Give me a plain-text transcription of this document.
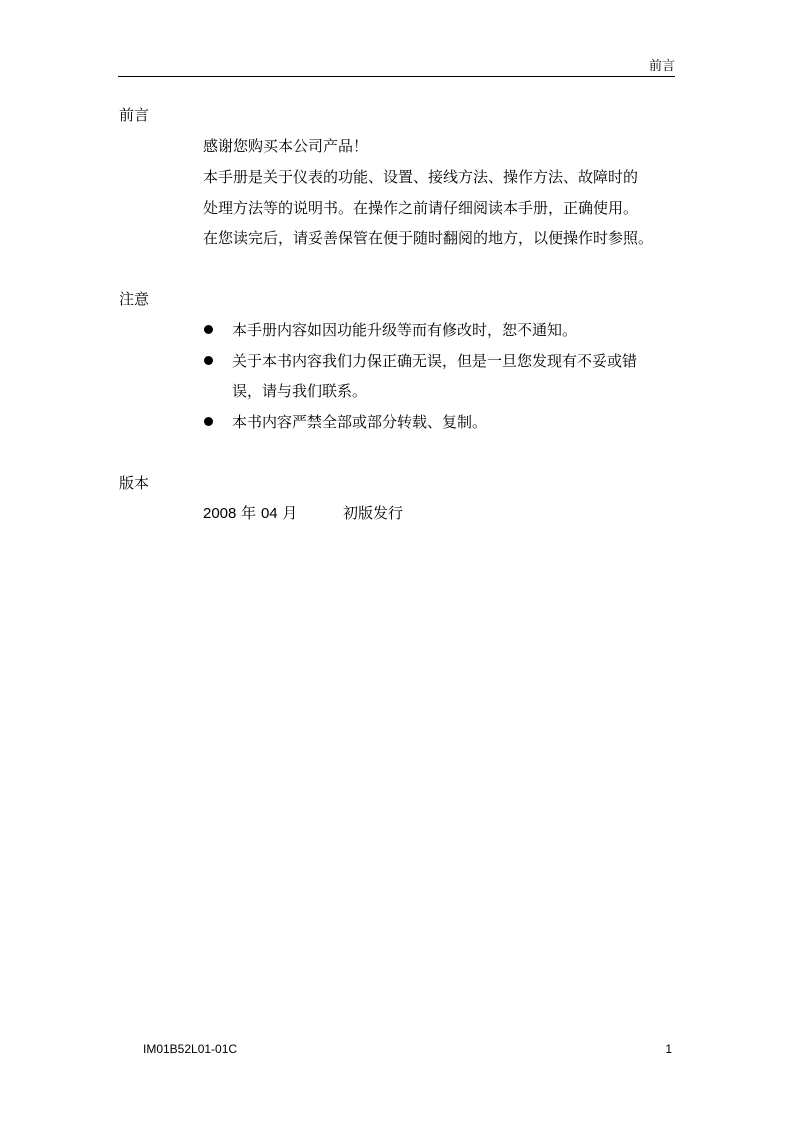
前言
前言
感谢您购买本公司产品！
本手册是关于仪表的功能、设置、接线方法、操作方法、故障时的
处理方法等的说明书。在操作之前请仔细阅读本手册，正确使用。
在您读完后，请妥善保管在便于随时翻阅的地方，以便操作时参照。
注意
本手册内容如因功能升级等而有修改时，恕不通知。
关于本书内容我们力保正确无误，但是一旦您发现有不妥或错
误，请与我们联系。
本书内容严禁全部或部分转载、复制。
版本
2008 年 04 月	初版发行
IM01B52L01-01C	1
